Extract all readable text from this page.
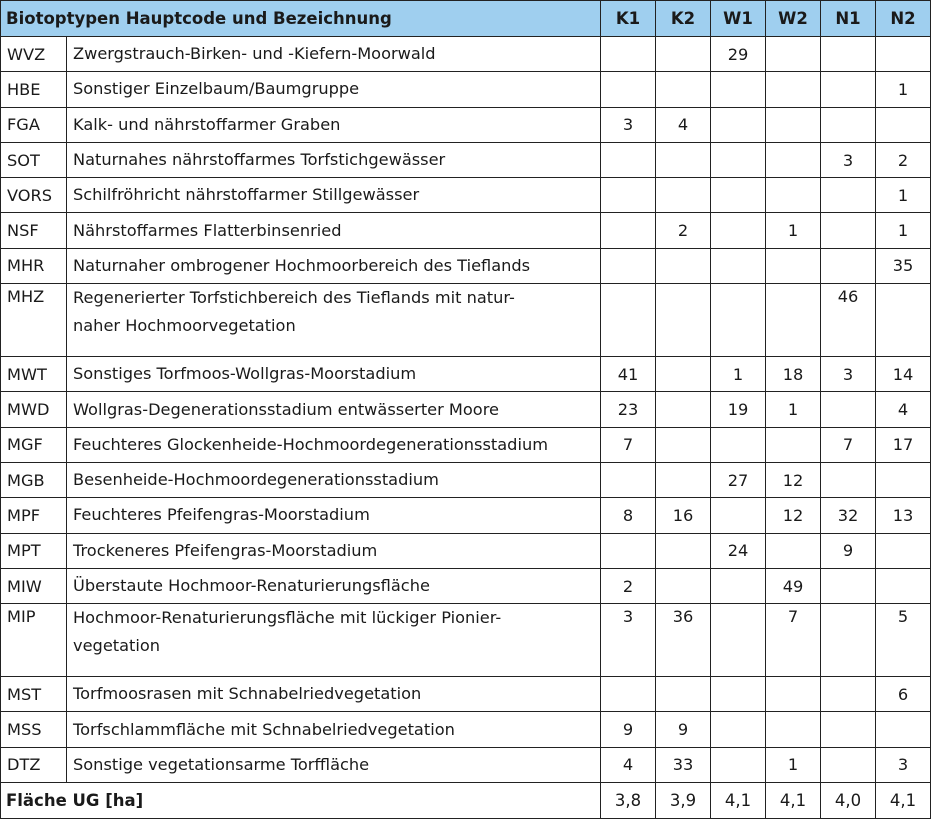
Biotoptypen Hauptcode und Bezeichnung		K1	K2	W1	W2	N1	N2
WVZ	Zwergstrauch-Birken- und -Kiefern-Moorwald			29			
HBE	Sonstiger Einzelbaum/Baumgruppe						1
FGA	Kalk- und nährstoffarmer Graben	3	4				
SOT	Naturnahes nährstoffarmes Torfstichgewässer					3	2
VORS	Schilfröhricht nährstoffarmer Stillgewässer						1
NSF	Nährstoffarmes Flatterbinsenried		2		1		1
MHR	Naturnaher ombrogener Hochmoorbereich des Tieflands						35
MHZ	Regenerierter Torfstichbereich des Tieflands mit natur-
naher Hochmoorvegetation					46	
MWT	Sonstiges Torfmoos-Wollgras-Moorstadium	41		1	18	3	14
MWD	Wollgras-Degenerationsstadium entwässerter Moore	23		19	1		4
MGF	Feuchteres Glockenheide-Hochmoordegenerationsstadium	7				7	17
MGB	Besenheide-Hochmoordegenerationsstadium			27	12		
MPF	Feuchteres Pfeifengras-Moorstadium	8	16		12	32	13
MPT	Trockeneres Pfeifengras-Moorstadium			24		9	
MIW	Überstaute Hochmoor-Renaturierungsfläche	2			49		
MIP	Hochmoor-Renaturierungsfläche mit lückiger Pionier-
vegetation	3	36		7		5
MST	Torfmoosrasen mit Schnabelriedvegetation						6
MSS	Torfschlammfläche mit Schnabelriedvegetation	9	9				
DTZ	Sonstige vegetationsarme Torffläche	4	33		1		3
Fläche UG [ha]		3,8	3,9	4,1	4,1	4,0	4,1
